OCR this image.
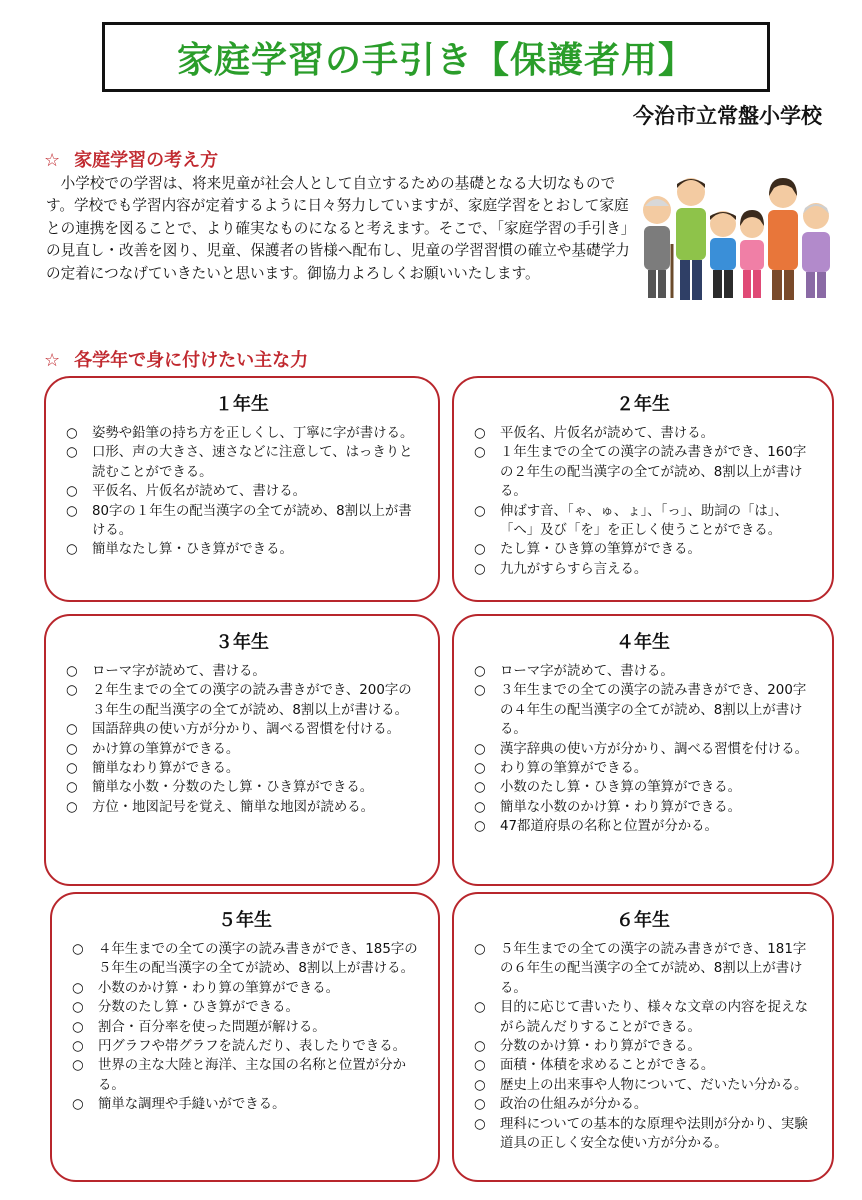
家庭学習の手引き【保護者用】
今治市立常盤小学校
☆ 家庭学習の考え方
　小学校での学習は、将来児童が社会人として自立するための基礎となる大切なものです。学校でも学習内容が定着するように日々努力していますが、家庭学習をとおして家庭との連携を図ることで、より確実なものになると考えます。そこで、「家庭学習の手引き」の見直し・改善を図り、児童、保護者の皆様へ配布し、児童の学習習慣の確立や基礎学力の定着につなげていきたいと思います。御協力よろしくお願いいたします。
☆ 各学年で身に付けたい主な力
１年生
○ 姿勢や鉛筆の持ち方を正しくし、丁寧に字が書ける。
○ 口形、声の大きさ、速さなどに注意して、はっきりと読むことができる。
○ 平仮名、片仮名が読めて、書ける。
○ 80字の１年生の配当漢字の全てが読め、8割以上が書ける。
○ 簡単なたし算・ひき算ができる。
２年生
○ 平仮名、片仮名が読めて、書ける。
○ １年生までの全ての漢字の読み書きができ、160字の２年生の配当漢字の全てが読め、8割以上が書ける。
○ 伸ばす音、「ゃ、ゅ、ょ」、「っ」、助詞の「は」、「へ」及び「を」を正しく使うことができる。
○ たし算・ひき算の筆算ができる。
○ 九九がすらすら言える。
３年生
○ ローマ字が読めて、書ける。
○ ２年生までの全ての漢字の読み書きができ、200字の３年生の配当漢字の全てが読め、8割以上が書ける。
○ 国語辞典の使い方が分かり、調べる習慣を付ける。
○ かけ算の筆算ができる。
○ 簡単なわり算ができる。
○ 簡単な小数・分数のたし算・ひき算ができる。
○ 方位・地図記号を覚え、簡単な地図が読める。
４年生
○ ローマ字が読めて、書ける。
○ ３年生までの全ての漢字の読み書きができ、200字の４年生の配当漢字の全てが読め、8割以上が書ける。
○ 漢字辞典の使い方が分かり、調べる習慣を付ける。
○ わり算の筆算ができる。
○ 小数のたし算・ひき算の筆算ができる。
○ 簡単な小数のかけ算・わり算ができる。
○ 47都道府県の名称と位置が分かる。
５年生
○ ４年生までの全ての漢字の読み書きができ、185字の５年生の配当漢字の全てが読め、8割以上が書ける。
○ 小数のかけ算・わり算の筆算ができる。
○ 分数のたし算・ひき算ができる。
○ 割合・百分率を使った問題が解ける。
○ 円グラフや帯グラフを読んだり、表したりできる。
○ 世界の主な大陸と海洋、主な国の名称と位置が分かる。
○ 簡単な調理や手縫いができる。
６年生
○ ５年生までの全ての漢字の読み書きができ、181字の６年生の配当漢字の全てが読め、8割以上が書ける。
○ 目的に応じて書いたり、様々な文章の内容を捉えながら読んだりすることができる。
○ 分数のかけ算・わり算ができる。
○ 面積・体積を求めることができる。
○ 歴史上の出来事や人物について、だいたい分かる。
○ 政治の仕組みが分かる。
○ 理科についての基本的な原理や法則が分かり、実験道具の正しく安全な使い方が分かる。
